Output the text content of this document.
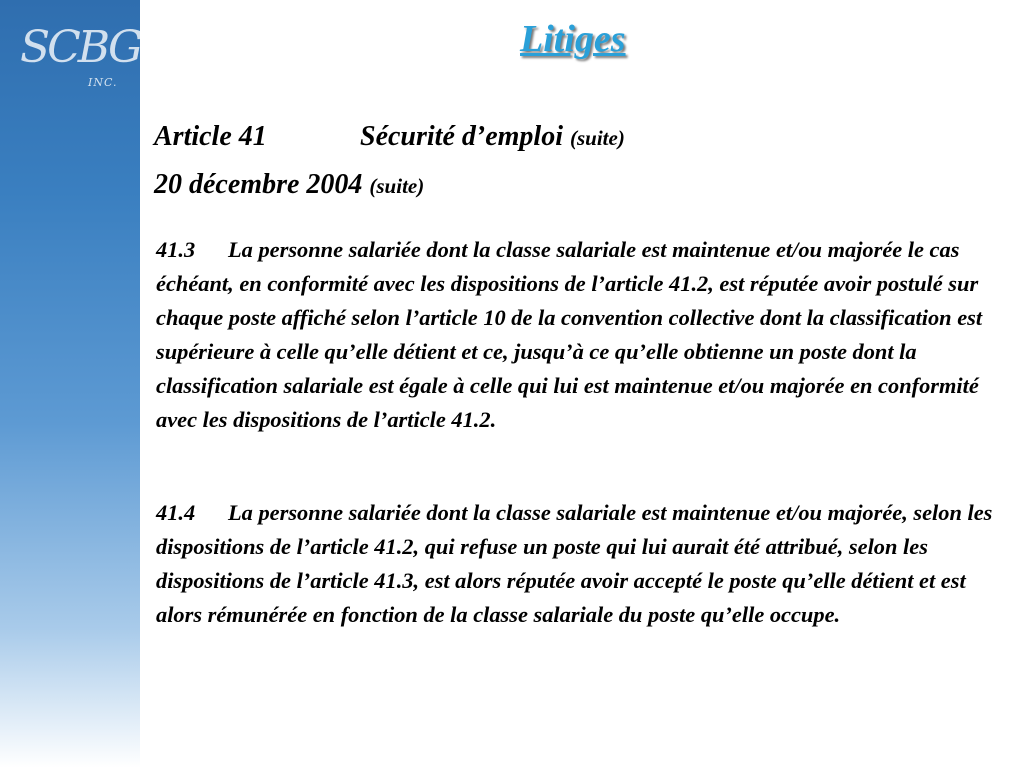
SCBG
INC.
Litiges
Article 41	Sécurité d’emploi (suite)
20 décembre 2004 (suite)

41.3 La personne salariée dont la classe salariale est maintenue et/ou majorée le cas échéant, en conformité avec les dispositions de l’article 41.2, est réputée avoir postulé sur chaque poste affiché selon l’article 10 de la convention collective dont la classification est supérieure à celle qu’elle détient et ce, jusqu’à ce qu’elle obtienne un poste dont la classification salariale est égale à celle qui lui est maintenue et/ou majorée en conformité avec les dispositions de l’article 41.2.

41.4 La personne salariée dont la classe salariale est maintenue et/ou majorée, selon les dispositions de l’article 41.2, qui refuse un poste qui lui aurait été attribué, selon les dispositions de l’article 41.3, est alors réputée avoir accepté le poste qu’elle détient et est alors rémunérée en fonction de la classe salariale du poste qu’elle occupe.
